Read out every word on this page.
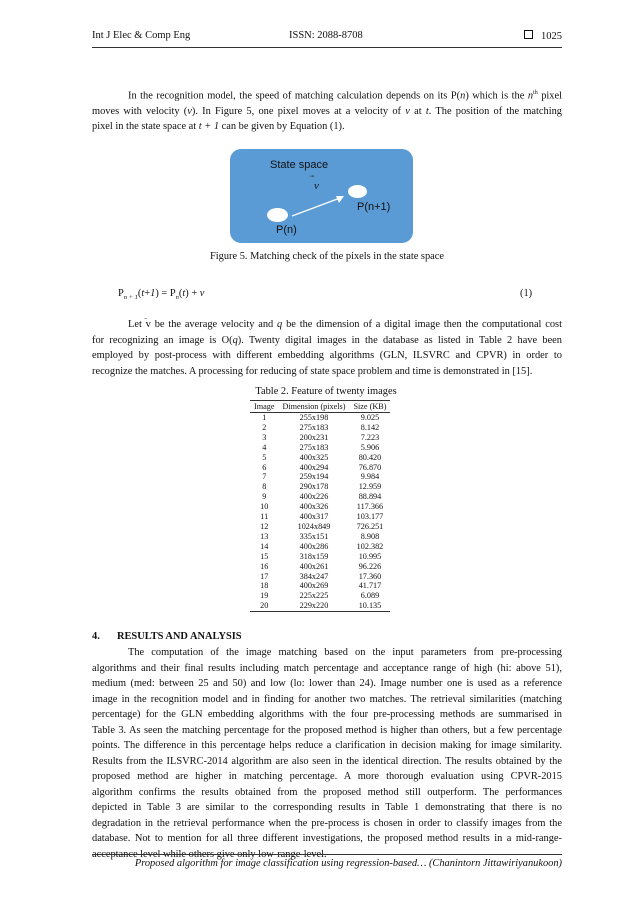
Int J Elec & Comp Eng	ISSN: 2088-8708	1025

In the recognition model, the speed of matching calculation depends on its P(n) which is the $n^{th}$ pixel
moves with velocity (v). In Figure 5, one pixel moves at a velocity of v at t. The position of the matching
pixel in the state space at t + 1 can be given by Equation (1).

State space
v
P(n+1)
P(n)
Figure 5. Matching check of the pixels in the state space
$P_{n + 1}(t+1) = P_n(t) + v$	(1)

Let v
be the average velocity and q be the dimension of a digital image then the computational cost
for recognizing an image is O(q). Twenty digital images in the database as listed in Table 2 have been
employed by post-process with different embedding algorithms (GLN, ILSVRC and CPVR) in order to
recognize the matches. A processing for reducing of state space problem and time is demonstrated in [15].

Table 2. Feature of twenty images
Image	Dimension (pixels)	Size (KB)
1	255x198	9.025
2	275x183	8.142
3	200x231	7.223
4	275x183	5.906
5	400x325	80.420
6	400x294	76.870
7	259x194	9.984
8	290x178	12.959
9	400x226	88.894
10	400x326	117.366
11	400x317	103.177
12	1024x849	726.251
13	335x151	8.908
14	400x286	102.382
15	318x159	10.995
16	400x261	96.226
17	384x247	17.360
18	400x269	41.717
19	225x225	6.089
20	229x220	10.135
4. RESULTS AND ANALYSIS

The computation of the image matching based on the input parameters from pre-processing
algorithms and their final results including match percentage and acceptance range of high (hi: above 51),
medium (med: between 25 and 50) and low (lo: lower than 24). Image number one is used as a reference
image in the recognition model and in finding for another two matches. The retrieval similarities (matching
percentage) for the GLN embedding algorithms with the four pre-processing methods are summarised in
Table 3. As seen the matching percentage for the proposed method is higher than others, but a few percentage
points. The difference in this percentage helps reduce a clarification in decision making for image similarity.
Results from the ILSVRC-2014 algorithm are also seen in the identical direction. The results obtained by the
proposed method are higher in matching percentage. A more thorough evaluation using CPVR-2015
algorithm confirms the results obtained from the proposed method still outperform. The performances
depicted in Table 3 are similar to the corresponding results in Table 1 demonstrating that there is no
degradation in the retrieval performance when the pre-process is chosen in order to classify images from the
database. Not to mention for all three different investigations, the proposed method results in a mid-range-
acceptance level while others give only low-range-level.

Proposed algorithm for image classification using regression-based… (Chanintorn Jittawiriyanukoon)
